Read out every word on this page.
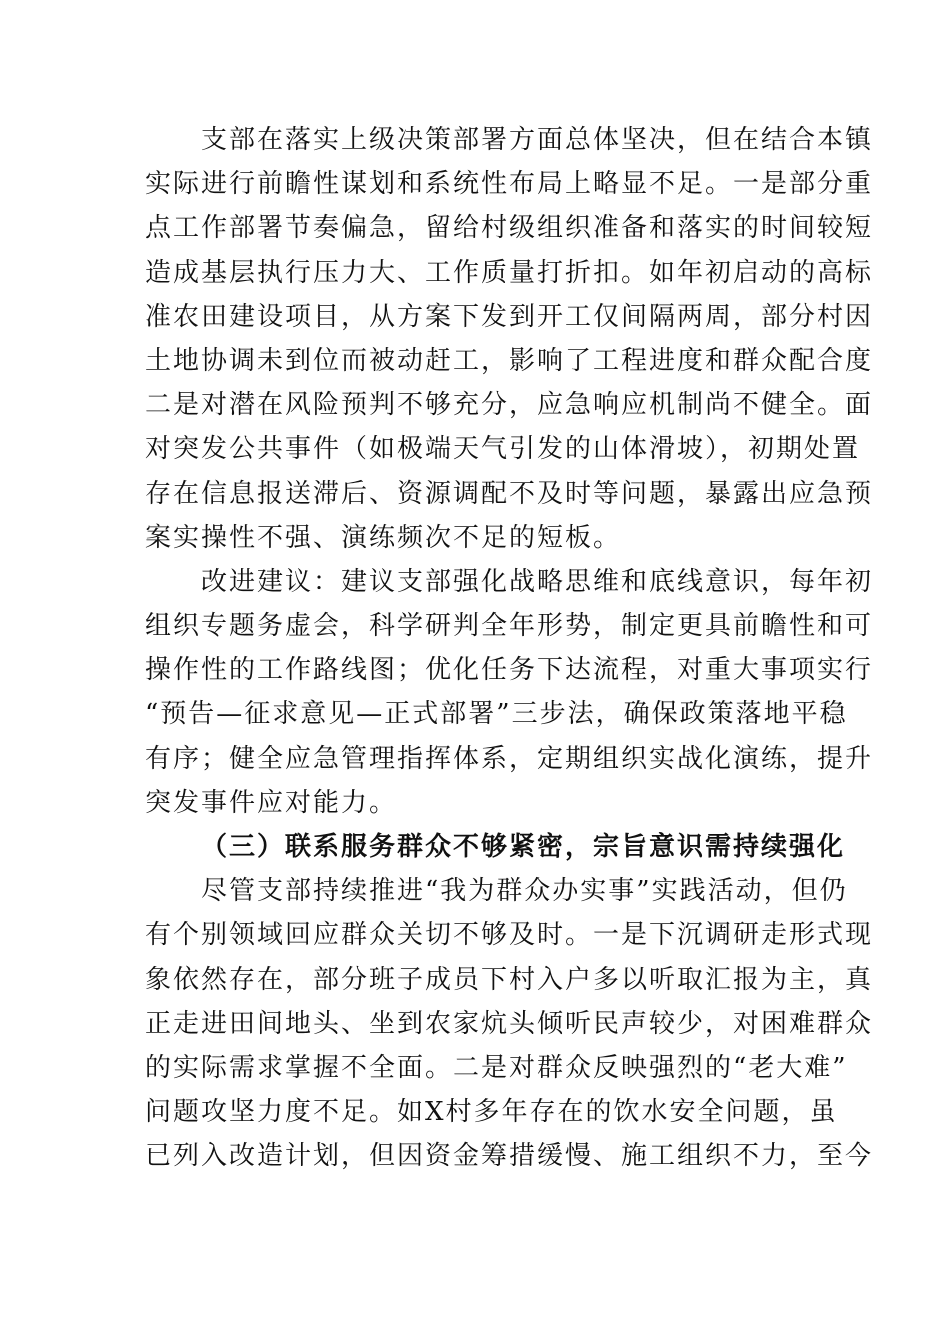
支部在落实上级决策部署方面总体坚决，但在结合本镇
实际进行前瞻性谋划和系统性布局上略显不足。一是部分重
点工作部署节奏偏急，留给村级组织准备和落实的时间较短
造成基层执行压力大、工作质量打折扣。如年初启动的高标
准农田建设项目，从方案下发到开工仅间隔两周，部分村因
土地协调未到位而被动赶工，影响了工程进度和群众配合度
二是对潜在风险预判不够充分，应急响应机制尚不健全。面
对突发公共事件（如极端天气引发的山体滑坡），初期处置
存在信息报送滞后、资源调配不及时等问题，暴露出应急预
案实操性不强、演练频次不足的短板。
改进建议：建议支部强化战略思维和底线意识，每年初
组织专题务虚会，科学研判全年形势，制定更具前瞻性和可
操作性的工作路线图；优化任务下达流程，对重大事项实行
“预告—征求意见—正式部署”三步法，确保政策落地平稳
有序；健全应急管理指挥体系，定期组织实战化演练，提升
突发事件应对能力。
（三）联系服务群众不够紧密，宗旨意识需持续强化
尽管支部持续推进“我为群众办实事”实践活动，但仍
有个别领域回应群众关切不够及时。一是下沉调研走形式现
象依然存在，部分班子成员下村入户多以听取汇报为主，真
正走进田间地头、坐到农家炕头倾听民声较少，对困难群众
的实际需求掌握不全面。二是对群众反映强烈的“老大难”
问题攻坚力度不足。如X村多年存在的饮水安全问题，虽
已列入改造计划，但因资金筹措缓慢、施工组织不力，至今
